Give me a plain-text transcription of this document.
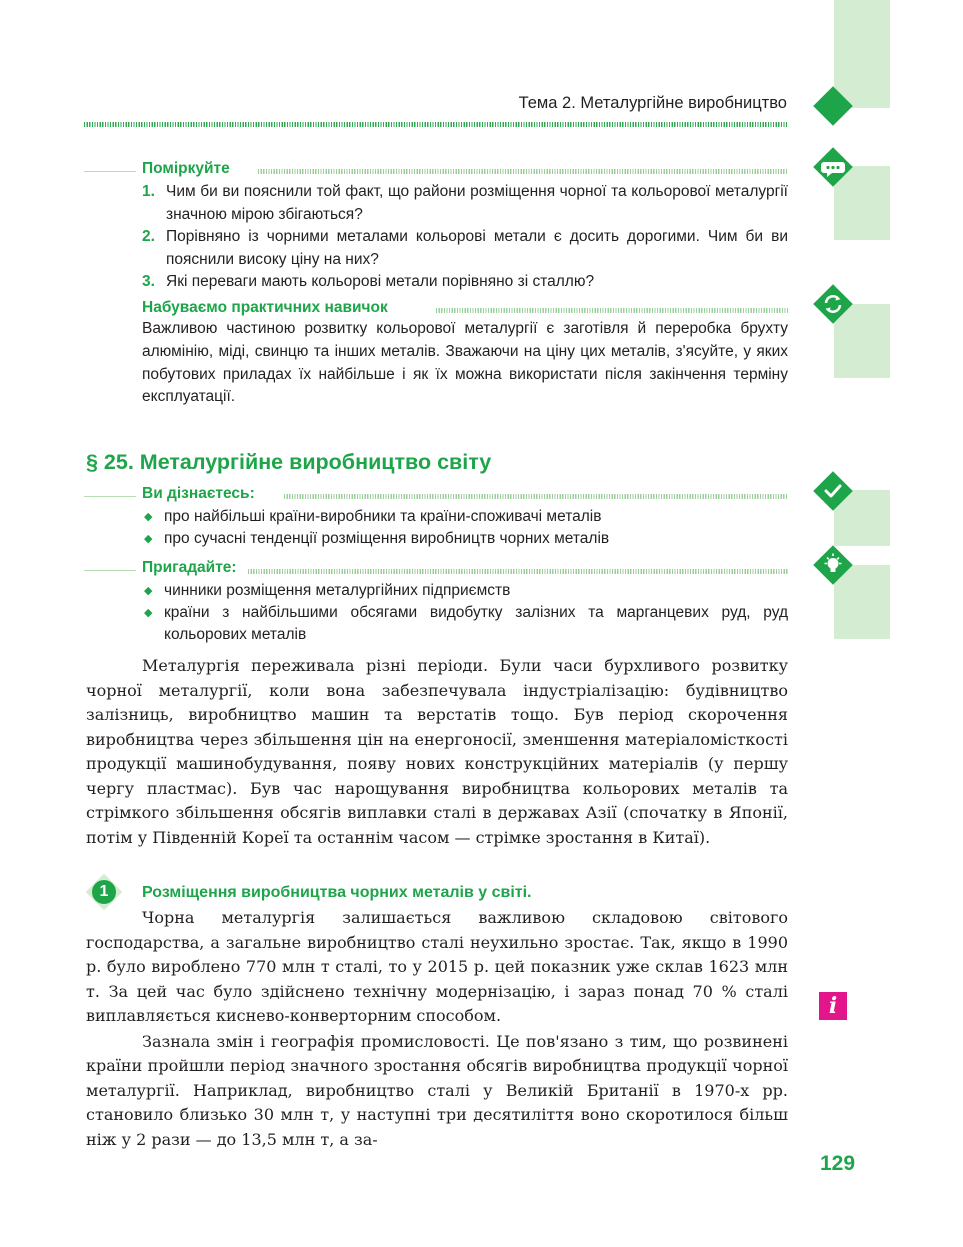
Тема 2. Металургійне виробництво
Поміркуйте
1. Чим би ви пояснили той факт, що райони розміщення чорної та кольорової металургії значною мірою збігаються?
2. Порівняно із чорними металами кольорові метали є досить дорогими. Чим би ви пояснили високу ціну на них?
3. Які переваги мають кольорові метали порівняно зі сталлю?
Набуваємо практичних навичок
Важливою частиною розвитку кольорової металургії є заготівля й переробка брухту алюмінію, міді, свинцю та інших металів. Зважаючи на ціну цих металів, з'ясуйте, у яких побутових приладах їх найбільше і як їх можна використати після закінчення терміну експлуатації.
§ 25. Металургійне виробництво світу
Ви дізнаєтесь:
◆ про найбільші країни-виробники та країни-споживачі металів
◆ про сучасні тенденції розміщення виробництв чорних металів
Пригадайте:
◆ чинники розміщення металургійних підприємств
◆ країни з найбільшими обсягами видобутку залізних та марганцевих руд, руд кольорових металів

Металургія переживала різні періоди. Були часи бурхливого розвитку чорної металургії, коли вона забезпечувала індустріалізацію: будівництво залізниць, виробництво машин та верстатів тощо. Був період скорочення виробництва через збільшення цін на енергоносії, зменшення матеріаломісткості продукції машинобудування, появу нових конструкційних матеріалів (у першу чергу пластмас). Був час нарощування виробництва кольорових металів та стрімкого збільшення обсягів виплавки сталі в державах Азії (спочатку в Японії, потім у Південній Кореї та останнім часом — стрімке зростання в Китаї).

1	Розміщення виробництва чорних металів у світі.

Чорна металургія залишається важливою складовою світового господарства, а загальне виробництво сталі неухильно зростає. Так, якщо в 1990 р. було вироблено 770 млн т сталі, то у 2015 р. цей показник уже склав 1623 млн т. За цей час було здійснено технічну модернізацію, і зараз понад 70 % сталі виплавляється киснево-конверторним способом.

Зазнала змін і географія промисловості. Це пов'язано з тим, що розвинені країни пройшли період значного зростання обсягів виробництва продукції чорної металургії. Наприклад, виробництво сталі у Великій Британії в 1970-х рр. становило близько 30 млн т, у наступні три десятиліття воно скоротилося більш ніж у 2 рази — до 13,5 млн т, а за-

i
129
